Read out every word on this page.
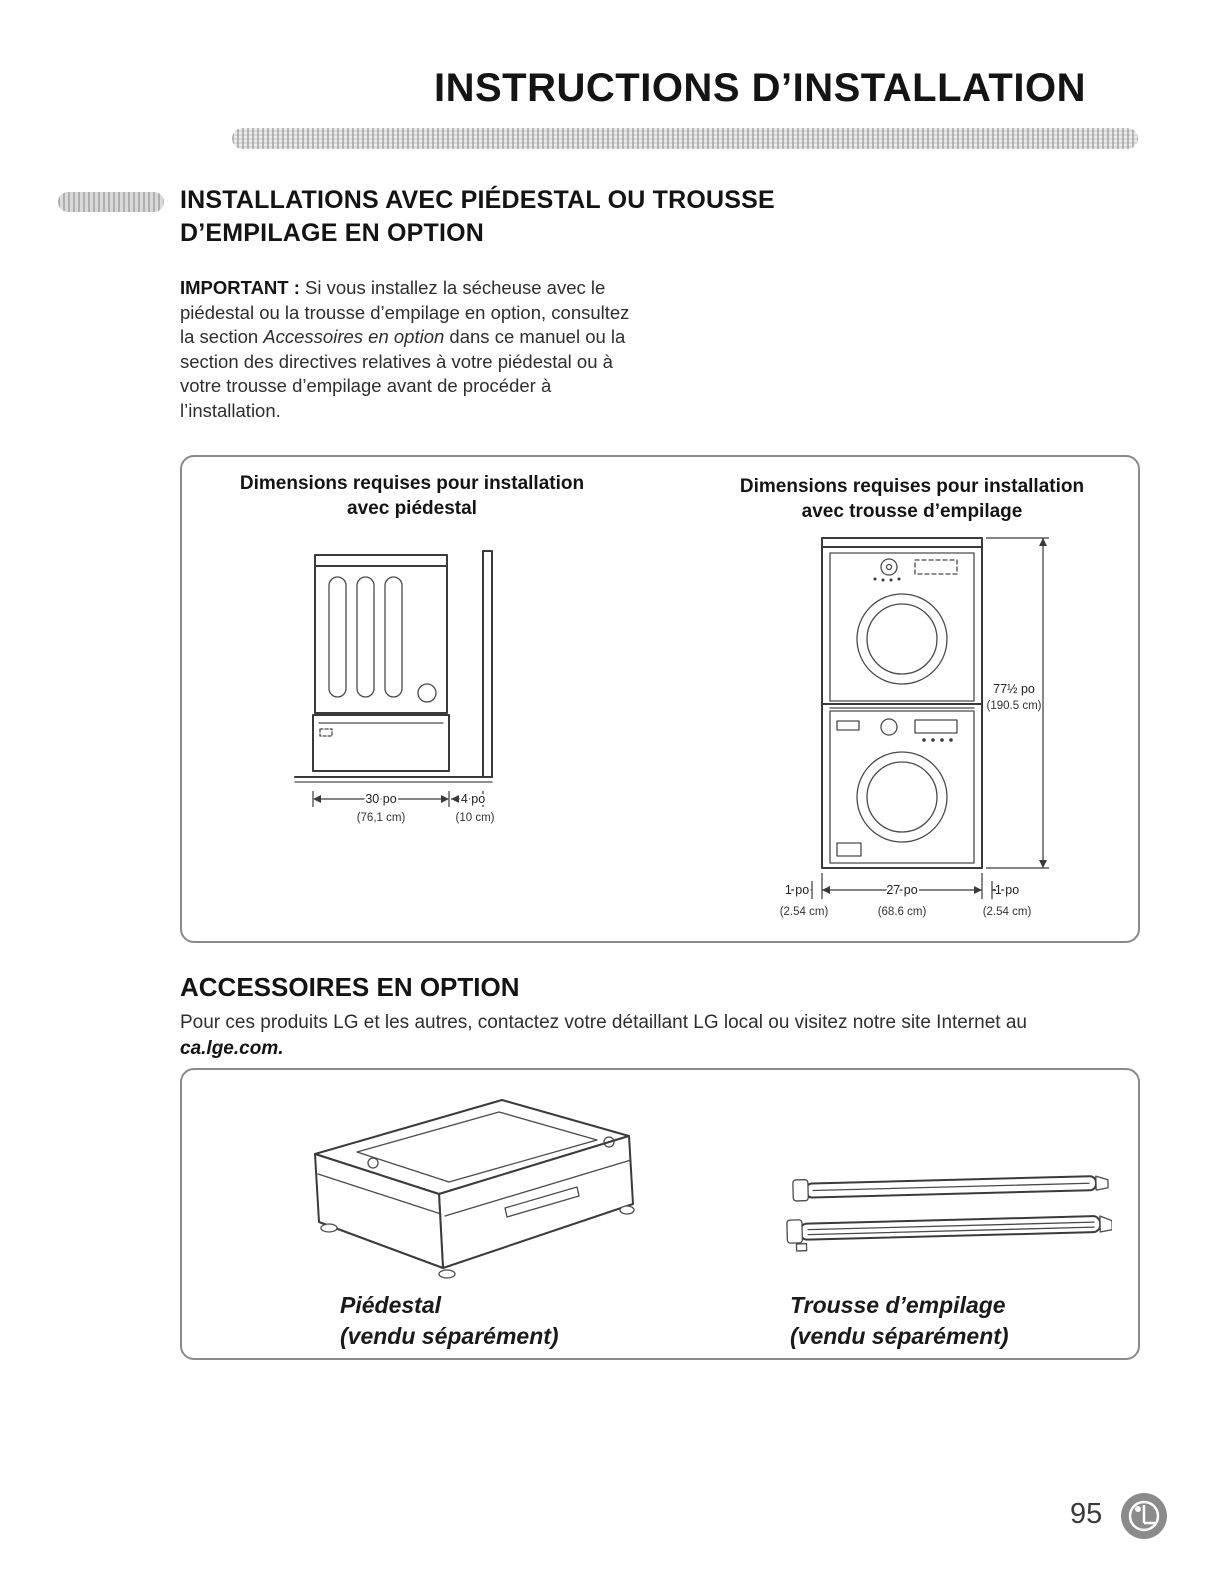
INSTRUCTIONS D’INSTALLATION
INSTALLATIONS AVEC PIÉDESTAL OU TROUSSE
D’EMPILAGE EN OPTION

IMPORTANT : Si vous installez la sécheuse avec le piédestal ou la trousse d’empilage en option, consultez la section Accessoires en option dans ce manuel ou la section des directives relatives à votre piédestal ou à votre trousse d’empilage avant de procéder à l’installation.

Dimensions requises pour installation
avec piédestal
Dimensions requises pour installation
avec trousse d’empilage
30 po
(76,1 cm)
4 po
(10 cm)
77½ po
(190.5 cm)
1 po
(2.54 cm)
27 po
(68.6 cm)
1 po
(2.54 cm)
ACCESSOIRES EN OPTION

Pour ces produits LG et les autres, contactez votre détaillant LG local ou visitez notre site Internet au ca.lge.com.

Piédestal
(vendu séparément)
Trousse d’empilage
(vendu séparément)
95
